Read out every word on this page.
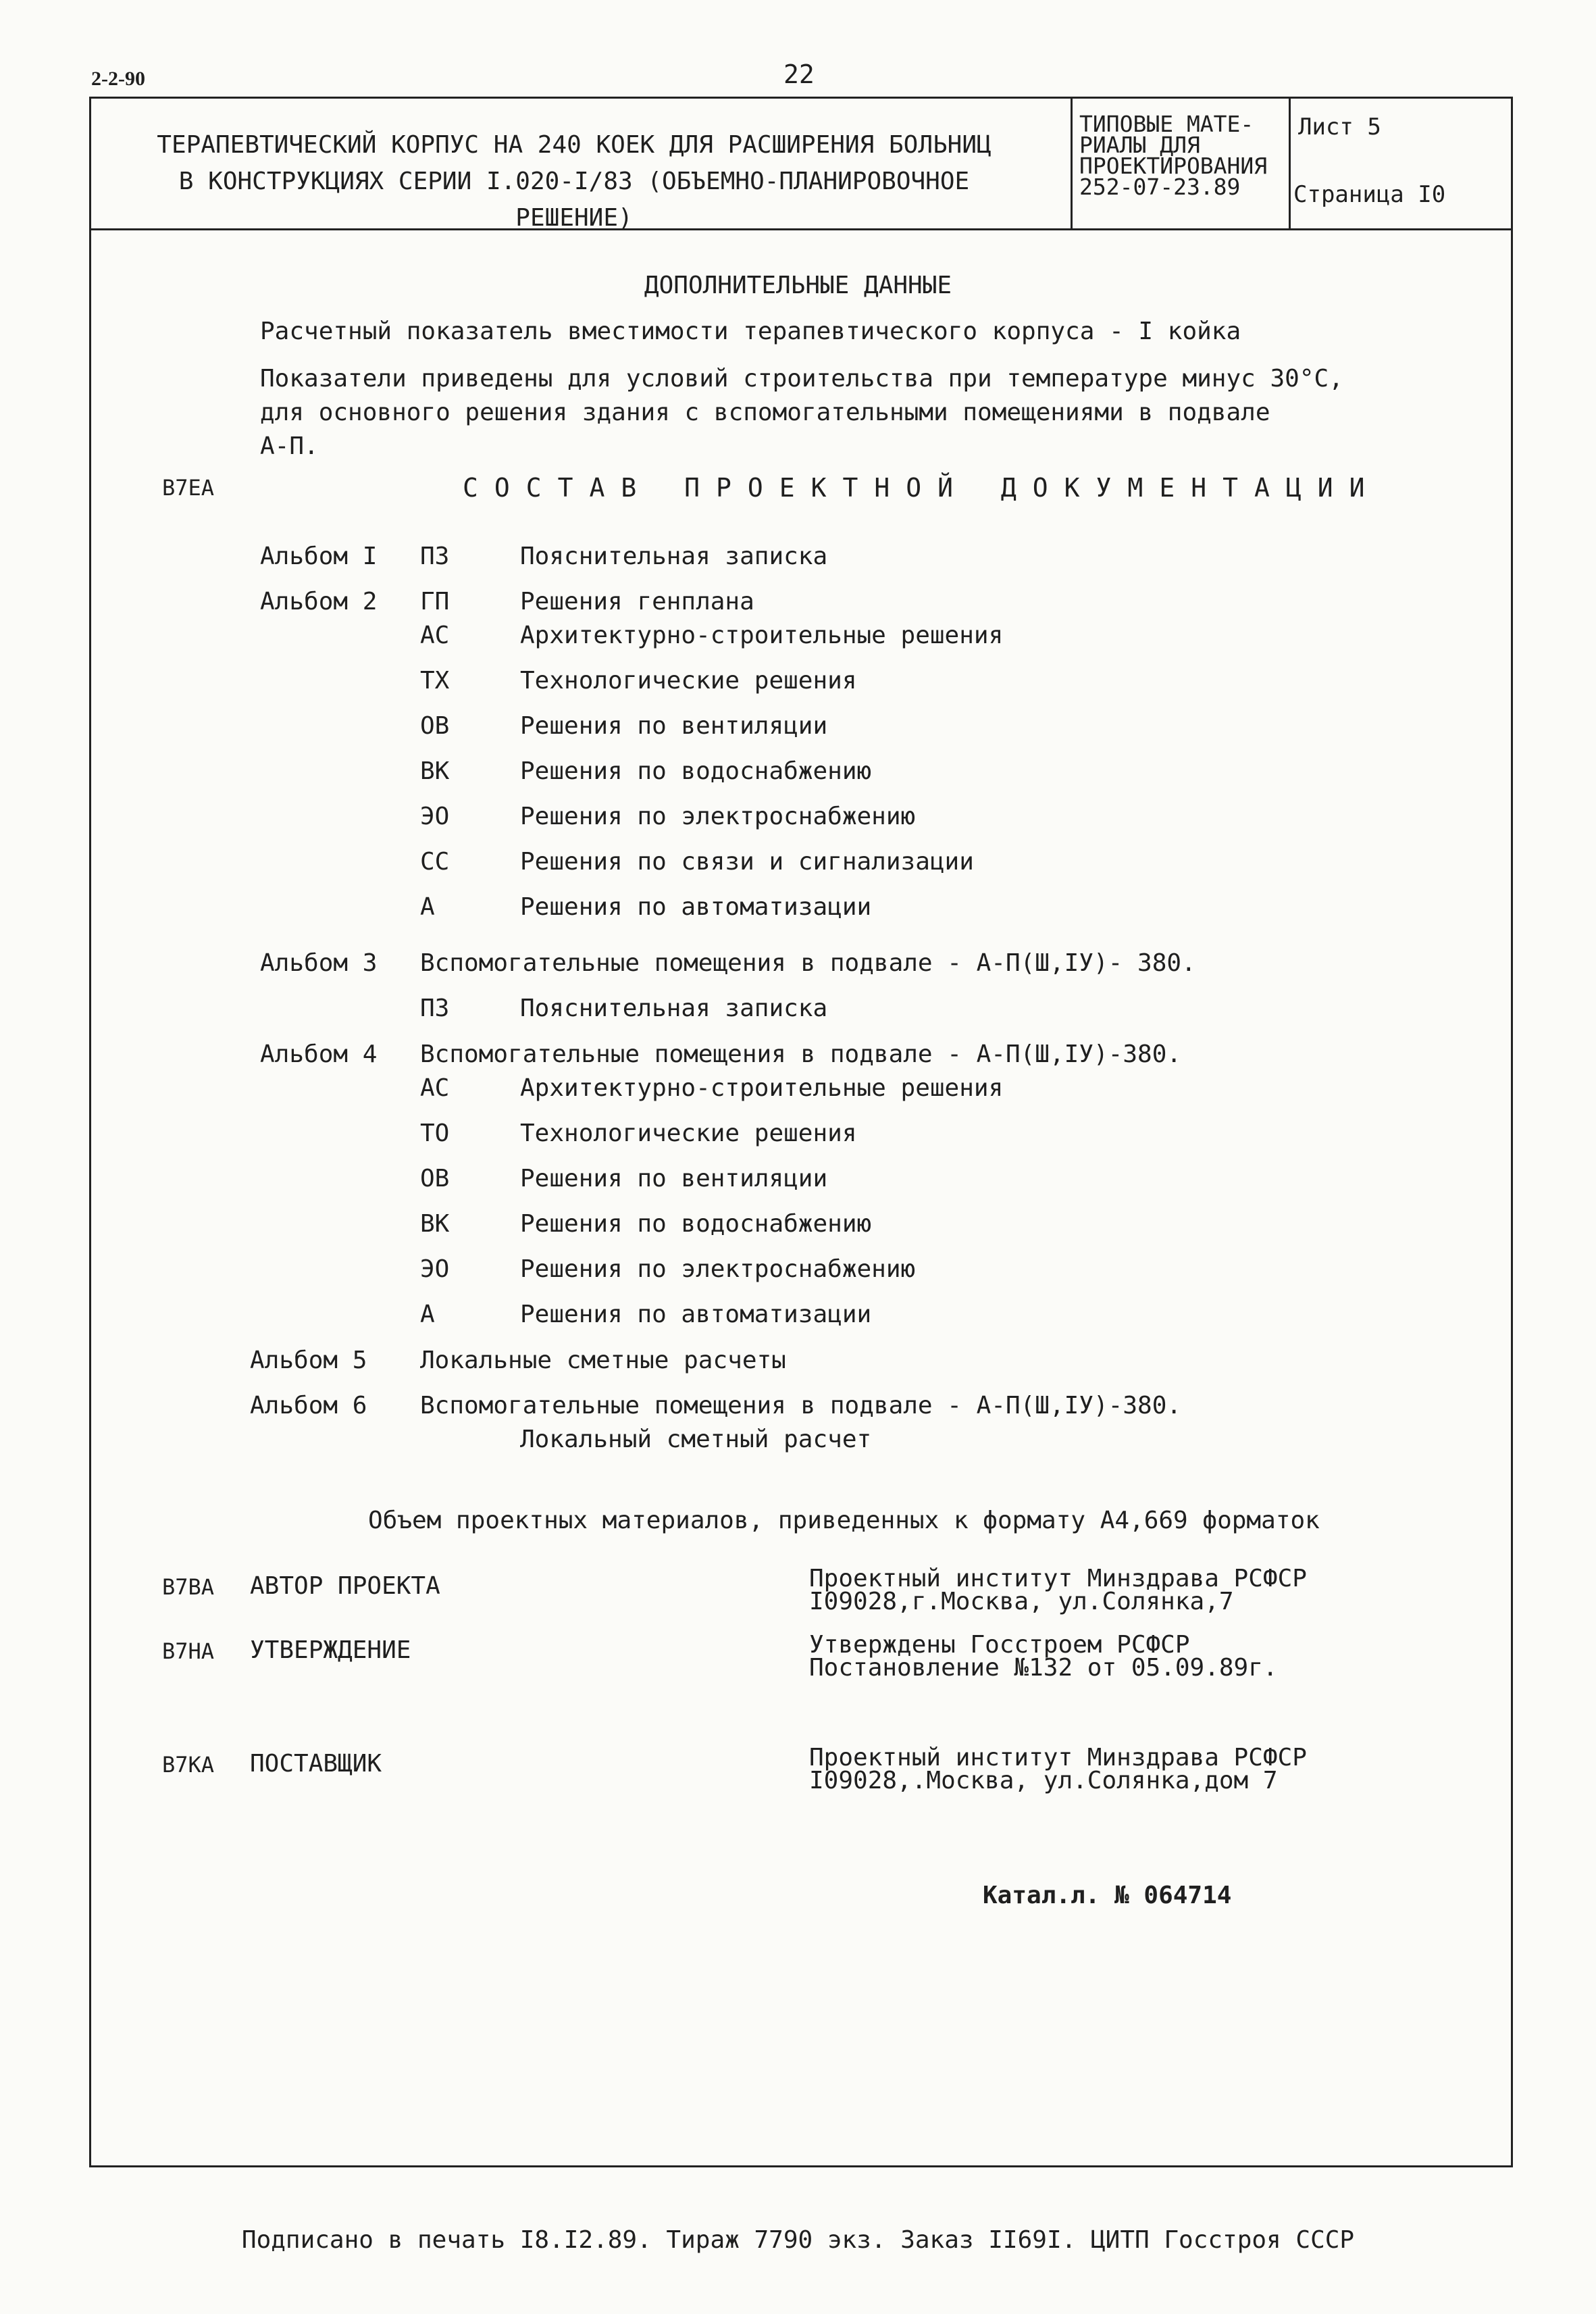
2-2-90	22
ТЕРАПЕВТИЧЕСКИЙ КОРПУС НА 240 КОЕК ДЛЯ РАСШИРЕНИЯ БОЛЬНИЦ
В КОНСТРУКЦИЯХ СЕРИИ I.020-I/83 (ОБЪЕМНО-ПЛАНИРОВОЧНОЕ
РЕШЕНИЕ)
ТИПОВЫЕ МАТЕ-
РИАЛЫ ДЛЯ
ПРОЕКТИРОВАНИЯ
252-07-23.89
Лист 5
Страница I0
ДОПОЛНИТЕЛЬНЫЕ ДАННЫЕ
Расчетный показатель вместимости терапевтического корпуса - I койка
Показатели приведены для условий строительства при температуре минус 30°С,
для основного решения здания с вспомогательными помещениями в подвале
А-П.
В7ЕА	СОСТАВ ПРОЕКТНОЙ ДОКУМЕНТАЦИИ
Альбом I ПЗ	Пояснительная записка
Альбом 2 ГП	Решения генплана
АС	Архитектурно-строительные решения
ТХ	Технологические решения
ОВ	Решения по вентиляции
ВК	Решения по водоснабжению
ЭО	Решения по электроснабжению
СС	Решения по связи и сигнализации
А	Решения по автоматизации
Альбом 3 Вспомогательные помещения в подвале - А-П(Ш,IУ)- 380.
ПЗ	Пояснительная записка
Альбом 4 Вспомогательные помещения в подвале - А-П(Ш,IУ)-380.
АС	Архитектурно-строительные решения
ТО	Технологические решения
ОВ	Решения по вентиляции
ВК	Решения по водоснабжению
ЭО	Решения по электроснабжению
А	Решения по автоматизации
Альбом 5 Локальные сметные расчеты
Альбом 6 Вспомогательные помещения в подвале - А-П(Ш,IУ)-380.
Локальный сметный расчет
Объем проектных материалов, приведенных к формату А4,669 форматок
В7ВА АВТОР ПРОЕКТА	Проектный институт Минздрава РСФСР
I09028,г.Москва, ул.Солянка,7
В7НА УТВЕРЖДЕНИЕ	Утверждены Госстроем РСФСР
Постановление №132 от 05.09.89г.
В7КА ПОСТАВЩИК	Проектный институт Минздрава РСФСР
I09028,.Москва, ул.Солянка,дом 7
Катал.л. № 064714
Подписано в печать I8.I2.89. Тираж 7790 экз. Заказ II69I. ЦИТП Госстроя СССР
